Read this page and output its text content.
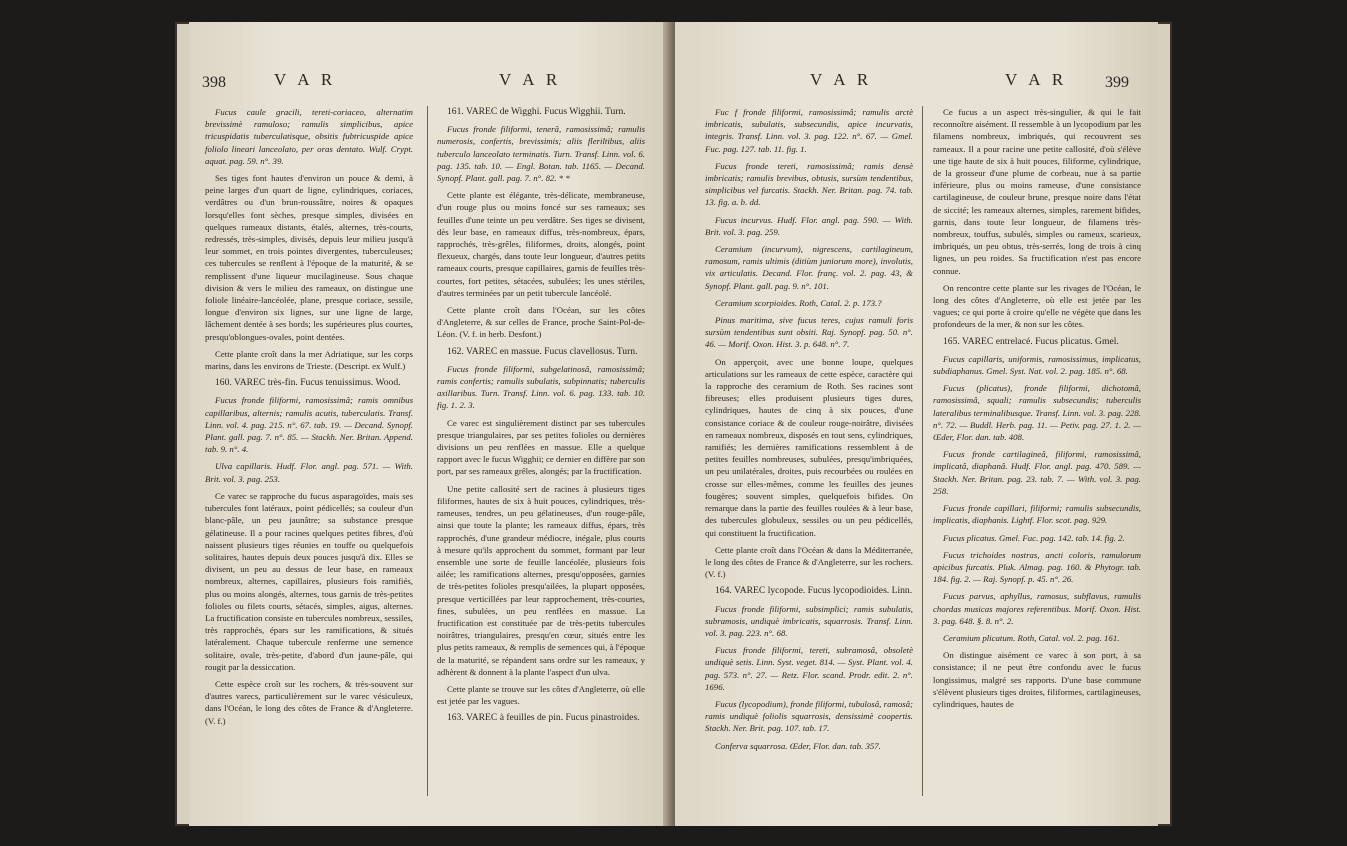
398	V A R	V A R

Fucus caule gracili, tereti-coriaceo, alternatim brevissimè ramuloso; ramulis simplicibus, apice tricuspidatis tuberculatisque, obsitis fubtricuspide apice foliolo lineari lanceolato, per oras dentato. Wulf. Crypt. aquat. pag. 59. n°. 39.

Ses tiges font hautes d'environ un pouce & demi, à peine larges d'un quart de ligne, cylindriques, coriaces, verdâtres ou d'un brun-roussâtre, noires & opaques lorsqu'elles font sèches, presque simples, divisées en quelques rameaux distants, étalés, alternes, très-courts, redressés, très-simples, divisés, depuis leur milieu jusqu'à leur sommet, en trois pointes divergentes, tuberculeuses; ces tubercules se renflent à l'époque de la maturité, & se remplissent d'une liqueur mucilagineuse. Sous chaque division & vers le milieu des rameaux, on distingue une foliole linéaire-lancéolée, plane, presque coriace, sessile, longue d'environ six lignes, sur une ligne de large, lâchement dentée à ses bords; les supérieures plus courtes, presqu'oblongues-ovales, point dentées.

Cette plante croît dans la mer Adriatique, sur les corps marins, dans les environs de Trieste. (Descript. ex Wulf.)

160. VAREC très-fin. Fucus tenuissimus. Wood.

Fucus fronde filiformi, ramosissimâ; ramis omnibus capillaribus, alternis; ramulis acutis, tuberculatis. Transf. Linn. vol. 4. pag. 215. n°. 67. tab. 19. — Decand. Synopf. Plant. gall. pag. 7. n°. 85. — Stackh. Ner. Britan. Append. tab. 9. n°. 4.

Ulva capillaris. Hudf. Flor. angl. pag. 571. — With. Brit. vol. 3. pag. 253.

Ce varec se rapproche du fucus asparagoïdes, mais ses tubercules font latéraux, point pédicellés; sa couleur d'un blanc-pâle, un peu jaunâtre; sa substance presque gélatineuse. Il a pour racines quelques petites fibres, d'où naissent plusieurs tiges réunies en touffe ou quelquefois solitaires, hautes depuis deux pouces jusqu'à dix. Elles se divisent, un peu au dessus de leur base, en rameaux nombreux, alternes, capillaires, plusieurs fois ramifiés, plus ou moins alongés, alternes, tous garnis de très-petites folioles ou filets courts, sétacés, simples, aigus, alternes. La fructification consiste en tubercules nombreux, sessiles, très rapprochés, épars sur les ramifications, & situés latéralement. Chaque tubercule renferme une semence solitaire, ovale, très-petite, d'abord d'un jaune-pâle, qui rougit par la dessiccation.

Cette espèce croît sur les rochers, & très-souvent sur d'autres varecs, particulièrement sur le varec vésiculeux, dans l'Océan, le long des côtes de France & d'Angleterre. (V. f.)

161. VAREC de Wigghi. Fucus Wigghii. Turn.

Fucus fronde filiformi, tenerâ, ramosissimâ; ramulis numerosis, confertis, brevissimis; aliis fleriltibus, aliis tuberculo lanceolato terminatis. Turn. Transf. Linn. vol. 6. pag. 135. tab. 10. — Engl. Botan. tab. 1165. — Decand. Synopf. Plant. gall. pag. 7. n°. 82. * *

Cette plante est élégante, très-délicate, membraneuse, d'un rouge plus ou moins foncé sur ses rameaux; ses feuilles d'une teinte un peu verdâtre. Ses tiges se divisent, dès leur base, en rameaux diffus, très-nombreux, épars, rapprochés, très-grêles, filiformes, droits, alongés, point flexueux, chargés, dans toute leur longueur, d'autres petits rameaux courts, presque capillaires, garnis de feuilles très-courtes, fort petites, sétacées, subulées; les unes stériles, d'autres terminées par un petit tubercule lancéolé.

Cette plante croît dans l'Océan, sur les côtes d'Angleterre, & sur celles de France, proche Saint-Pol-de-Léon. (V. f. in herb. Desfont.)

162. VAREC en massue. Fucus clavellosus. Turn.

Fucus fronde filiformi, subgelatinosâ, ramosissimâ; ramis confertis; ramulis subulatis, subpinnatis; tuberculis axillaribus. Turn. Transf. Linn. vol. 6. pag. 133. tab. 10. fig. 1. 2. 3.

Ce varec est singulièrement distinct par ses tubercules presque triangulaires, par ses petites folioles ou dernières divisions un peu renflées en massue. Elle a quelque rapport avec le fucus Wigghii; ce dernier en diffère par son port, par ses rameaux grêles, alongés; par la fructification.

Une petite callosité sert de racines à plusieurs tiges filiformes, hautes de six à huit pouces, cylindriques, très-rameuses, tendres, un peu gélatineuses, d'un rouge-pâle, ainsi que toute la plante; les rameaux diffus, épars, très rapprochés, d'une grandeur médiocre, inégale, plus courts à mesure qu'ils approchent du sommet, formant par leur ensemble une sorte de feuille lancéolée, plusieurs fois ailée; les ramifications alternes, presqu'opposées, garnies de très-petites folioles presqu'ailées, la plupart opposées, presque verticillées par leur rapprochement, très-courtes, fines, subulées, un peu renflées en massue. La fructification est constituée par de très-petits tubercules noirâtres, triangulaires, presqu'en cœur, situés entre les plus petits rameaux, & remplis de semences qui, à l'époque de la maturité, se répandent sans ordre sur les rameaux, y adhèrent & donnent à la plante l'aspect d'un ulva.

Cette plante se trouve sur les côtes d'Angleterre, où elle est jetée par les vagues.

163. VAREC à feuilles de pin. Fucus pinastroides.

V A R	V A R 399

Fuc f fronde filiformi, ramosissimâ; ramulis arctè imbricatis, subulatis, subsecundis, apice incurvatis, integris. Transf. Linn. vol. 3. pag. 122. n°. 67. — Gmel. Fuc. pag. 127. tab. 11. fig. 1.

Fucus fronde tereti, ramosissimâ; ramis densè imbricatis; ramulis brevibus, obtusis, sursùm tendentibus, simplicibus vel furcatis. Stackh. Ner. Britan. pag. 74. tab. 13. fig. a. b. dd.

Fucus incurvus. Hudf. Flor. angl. pag. 590. — With. Brit. vol. 3. pag. 259.

Ceramium (incurvum), nigrescens, cartilagineum, ramosum, ramis ultimis (ditiùm juniorum more), involutis, vix articulatis. Decand. Flor. franç. vol. 2. pag. 43, & Synopf. Plant. gall. pag. 9. n°. 101.

Ceramium scorpioides. Roth, Catal. 2. p. 173.?

Pinus maritima, sive fucus teres, cujus ramuli foris sursùm tendentibus sunt obsiti. Raj. Synopf. pag. 50. n°. 46. — Morif. Oxon. Hist. 3. p. 648. n°. 7.

On apperçoit, avec une bonne loupe, quelques articulations sur les rameaux de cette espèce, caractère qui la rapproche des ceramium de Roth. Ses racines sont fibreuses; elles produisent plusieurs tiges dures, cylindriques, hautes de cinq à six pouces, d'une consistance coriace & de couleur rouge-noirâtre, divisées en rameaux nombreux, disposés en tout sens, cylindriques, ramifiés; les dernières ramifications ressemblent à de petites feuilles nombreuses, subulées, presqu'imbriquées, un peu unilatérales, droites, puis recourbées ou roulées en crosse sur elles-mêmes, comme les feuilles des jeunes fougères; souvent simples, quelquefois bifides. On remarque dans la partie des feuilles roulées & à leur base, des tubercules globuleux, sessiles ou un peu pédicellés, qui constituent la fructification.

Cette plante croît dans l'Océan & dans la Méditerranée, le long des côtes de France & d'Angleterre, sur les rochers. (V. f.)

164. VAREC lycopode. Fucus lycopodioides. Linn.

Fucus fronde filiformi, subsimplici; ramis subulatis, subramosis, undiquè imbricatis, squarrosis. Transf. Linn. vol. 3. pag. 223. n°. 68.

Fucus fronde filiformi, tereti, subramosâ, obsoletè undiquè setis. Linn. Syst. veget. 814. — Syst. Plant. vol. 4. pag. 573. n°. 27. — Retz. Flor. scand. Prodr. edit. 2. n°. 1696.

Fucus (lycopodium), fronde filiformi, tubulosâ, ramosâ; ramis undiquè foliolis squarrosis, densissimè coopertis. Stackh. Ner. Brit. pag. 107. tab. 17.

Conferva squarrosa. Œder, Flor. dan. tab. 357.

Ce fucus a un aspect très-singulier, & qui le fait reconnoître aisément. Il ressemble à un lycopodium par les filamens nombreux, imbriqués, qui recouvrent ses rameaux. Il a pour racine une petite callosité, d'où s'élève une tige haute de six à huit pouces, filiforme, cylindrique, de la grosseur d'une plume de corbeau, nue à sa partie inférieure, plus ou moins rameuse, d'une consistance cartilagineuse, de couleur brune, presque noire dans l'état de siccité; les rameaux alternes, simples, rarement bifides, garnis, dans toute leur longueur, de filamens très-nombreux, touffus, subulés, simples ou rameux, scarieux, imbriqués, un peu obtus, très-serrés, long de trois à cinq lignes, un peu roides. Sa fructification n'est pas encore connue.

On rencontre cette plante sur les rivages de l'Océan, le long des côtes d'Angleterre, où elle est jetée par les vagues; ce qui porte à croire qu'elle ne végète que dans les profondeurs de la mer, & non sur les côtes.

165. VAREC entrelacé. Fucus plicatus. Gmel.

Fucus capillaris, uniformis, ramosissimus, implicatus, subdiaphanus. Gmel. Syst. Nat. vol. 2. pag. 185. n°. 68.

Fucus (plicatus), fronde filiformi, dichotomâ, ramosissimâ, squali; ramulis subsecundis; tuberculis lateralibus terminalibusque. Transf. Linn. vol. 3. pag. 228. n°. 72. — Buddl. Herb. pag. 11. — Petiv. pag. 27. 1. 2. — Œder, Flor. dan. tab. 408.

Fucus fronde cartilagineâ, filiformi, ramosissimâ, implicatâ, diaphanâ. Hudf. Flor. angl. pag. 470. 589. — Stackh. Ner. Britan. pag. 23. tab. 7. — With. vol. 3. pag. 258.

Fucus fronde capillari, filiformi; ramulis subsecundis, implicatis, diaphanis. Lightf. Flor. scot. pag. 929.

Fucus plicatus. Gmel. Fuc. pag. 142. tab. 14. fig. 2.

Fucus trichoides nostras, ancti coloris, ramulorum apicibus furcatis. Pluk. Almag. pag. 160. & Phytogr. tab. 184. fig. 2. — Raj. Synopf. p. 45. n°. 26.

Fucus parvus, aphyllus, ramosus, subflavus, ramulis chordas musicas majores referentibus. Morif. Oxon. Hist. 3. pag. 648. §. 8. n°. 2.

Ceramium plicatum. Roth, Catal. vol. 2. pag. 161.

On distingue aisément ce varec à son port, à sa consistance; il ne peut être confondu avec le fucus longissimus, malgré ses rapports. D'une base commune s'élèvent plusieurs tiges droites, filiformes, cartilagineuses, cylindriques, hautes de
